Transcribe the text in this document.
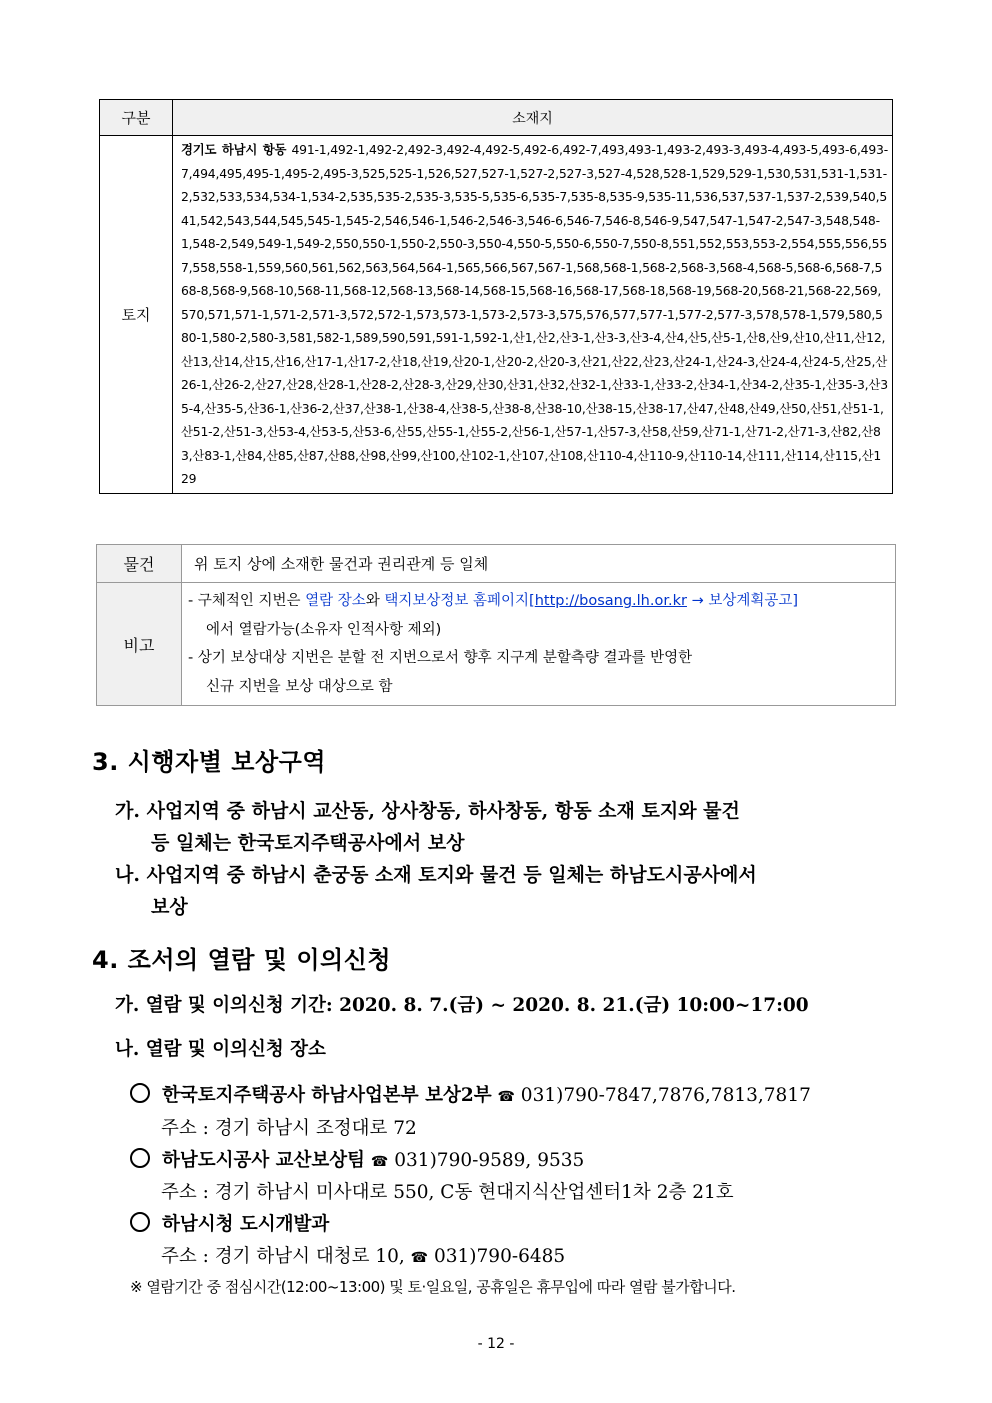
구분	소재지
토지	경기도 하남시 항동 491-1,492-1,492-2,492-3,492-4,492-5,492-6,492-7,493,493-1,493-2,493-3,493-4,493-5,493-6,493-7,494,495,495-1,495-2,495-3,525,525-1,526,527,527-1,527-2,527-3,527-4,528,528-1,529,529-1,530,531,531-1,531-2,532,533,534,534-1,534-2,535,535-2,535-3,535-5,535-6,535-7,535-8,535-9,535-11,536,537,537-1,537-2,539,540,541,542,543,544,545,545-1,545-2,546,546-1,546-2,546-3,546-6,546-7,546-8,546-9,547,547-1,547-2,547-3,548,548-1,548-2,549,549-1,549-2,550,550-1,550-2,550-3,550-4,550-5,550-6,550-7,550-8,551,552,553,553-2,554,555,556,557,558,558-1,559,560,561,562,563,564,564-1,565,566,567,567-1,568,568-1,568-2,568-3,568-4,568-5,568-6,568-7,568-8,568-9,568-10,568-11,568-12,568-13,568-14,568-15,568-16,568-17,568-18,568-19,568-20,568-21,568-22,569,570,571,571-1,571-2,571-3,572,572-1,573,573-1,573-2,573-3,575,576,577,577-1,577-2,577-3,578,578-1,579,580,580-1,580-2,580-3,581,582-1,589,590,591,591-1,592-1,산1,산2,산3-1,산3-3,산3-4,산4,산5,산5-1,산8,산9,산10,산11,산12,산13,산14,산15,산16,산17-1,산17-2,산18,산19,산20-1,산20-2,산20-3,산21,산22,산23,산24-1,산24-3,산24-4,산24-5,산25,산26-1,산26-2,산27,산28,산28-1,산28-2,산28-3,산29,산30,산31,산32,산32-1,산33-1,산33-2,산34-1,산34-2,산35-1,산35-3,산35-4,산35-5,산36-1,산36-2,산37,산38-1,산38-4,산38-5,산38-8,산38-10,산38-15,산38-17,산47,산48,산49,산50,산51,산51-1,산51-2,산51-3,산53-4,산53-5,산53-6,산55,산55-1,산55-2,산56-1,산57-1,산57-3,산58,산59,산71-1,산71-2,산71-3,산82,산83,산83-1,산84,산85,산87,산88,산98,산99,산100,산102-1,산107,산108,산110-4,산110-9,산110-14,산111,산114,산115,산129
물건	위 토지 상에 소재한 물건과 권리관계 등 일체
비고	- 구체적인 지번은 열람 장소와 택지보상정보 홈페이지[http://bosang.lh.or.kr → 보상계획공고]
에서 열람가능(소유자 인적사항 제외)
- 상기 보상대상 지번은 분할 전 지번으로서 향후 지구계 분할측량 결과를 반영한
신규 지번을 보상 대상으로 함
3. 시행자별 보상구역
가. 사업지역 중 하남시 교산동, 상사창동, 하사창동, 항동 소재 토지와 물건
등 일체는 한국토지주택공사에서 보상
나. 사업지역 중 하남시 춘궁동 소재 토지와 물건 등 일체는 하남도시공사에서
보상
4. 조서의 열람 및 이의신청
가. 열람 및 이의신청 기간: 2020. 8. 7.(금) ~ 2020. 8. 21.(금) 10:00~17:00
나. 열람 및 이의신청 장소
한국토지주택공사 하남사업본부 보상2부 ☎ 031)790-7847,7876,7813,7817
주소 : 경기 하남시 조정대로 72
하남도시공사 교산보상팀 ☎ 031)790-9589, 9535
주소 : 경기 하남시 미사대로 550, C동 현대지식산업센터1차 2층 21호
하남시청 도시개발과
주소 : 경기 하남시 대청로 10, ☎ 031)790-6485
※ 열람기간 중 점심시간(12:00~13:00) 및 토·일요일, 공휴일은 휴무입에 따라 열람 불가합니다.
- 12 -
